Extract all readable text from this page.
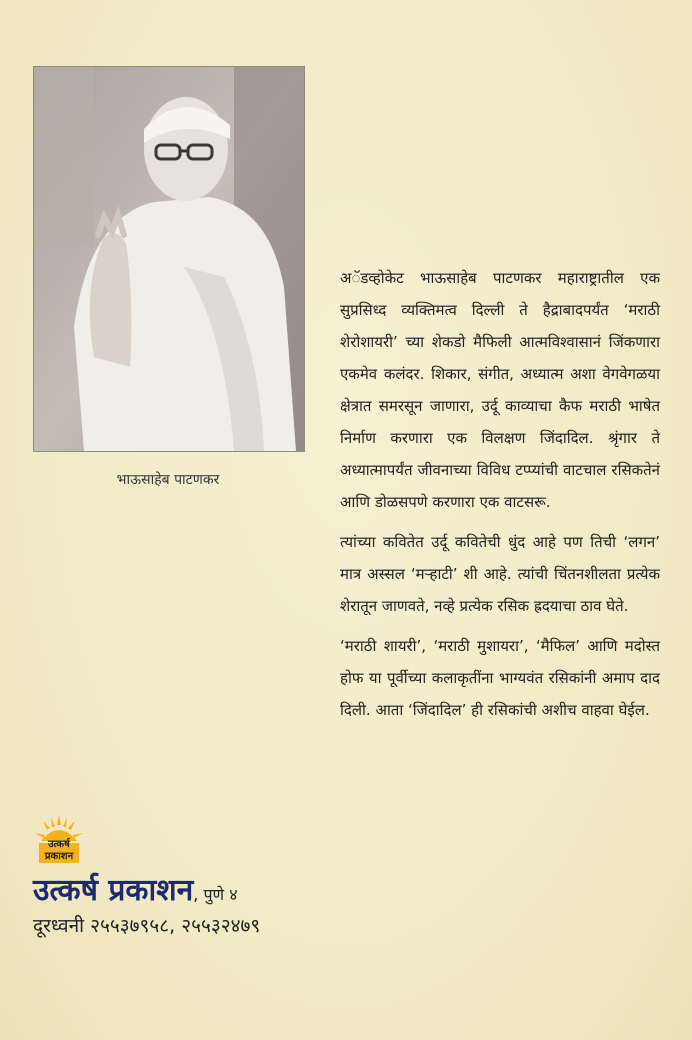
भाऊसाहेब पाटणकर

अॅडव्होकेट भाऊसाहेब पाटणकर महाराष्ट्रातील एक सुप्रसिध्द व्यक्तिमत्व दिल्ली ते हैद्राबादपर्यंत ‘मराठी शेरोशायरी’ च्या शेकडो मैफिली आत्मविश्वासानं जिंकणारा एकमेव कलंदर. शिकार, संगीत, अध्यात्म अशा वेगवेगळया क्षेत्रात समरसून जाणारा, उर्दू काव्याचा कैफ मराठी भाषेत निर्माण करणारा एक विलक्षण जिंदादिल. श्रृंगार ते अध्यात्मापर्यंत जीवनाच्या विविध टप्प्यांची वाटचाल रसिकतेनं आणि डोळसपणे करणारा एक वाटसरू.

त्यांच्या कवितेत उर्दू कवितेची धुंद आहे पण तिची ‘लगन’ मात्र अस्सल ‘मऱ्हाटी’ शी आहे. त्यांची चिंतनशीलता प्रत्येक शेरातून जाणवते, नव्हे प्रत्येक रसिक ह्रदयाचा ठाव घेते.

‘मराठी शायरी’, ‘मराठी मुशायरा’, ‘मैफिल’ आणि मदोस्त होफ या पूर्वीच्या कलाकृतींना भाग्यवंत रसिकांनी अमाप दाद दिली. आता ‘जिंदादिल’ ही रसिकांची अशीच वाहवा घेईल.

उत्कर्ष
प्रकाशन
उत्कर्ष प्रकाशन, पुणे ४
दूरध्वनी २५५३७९५८, २५५३२४७९
